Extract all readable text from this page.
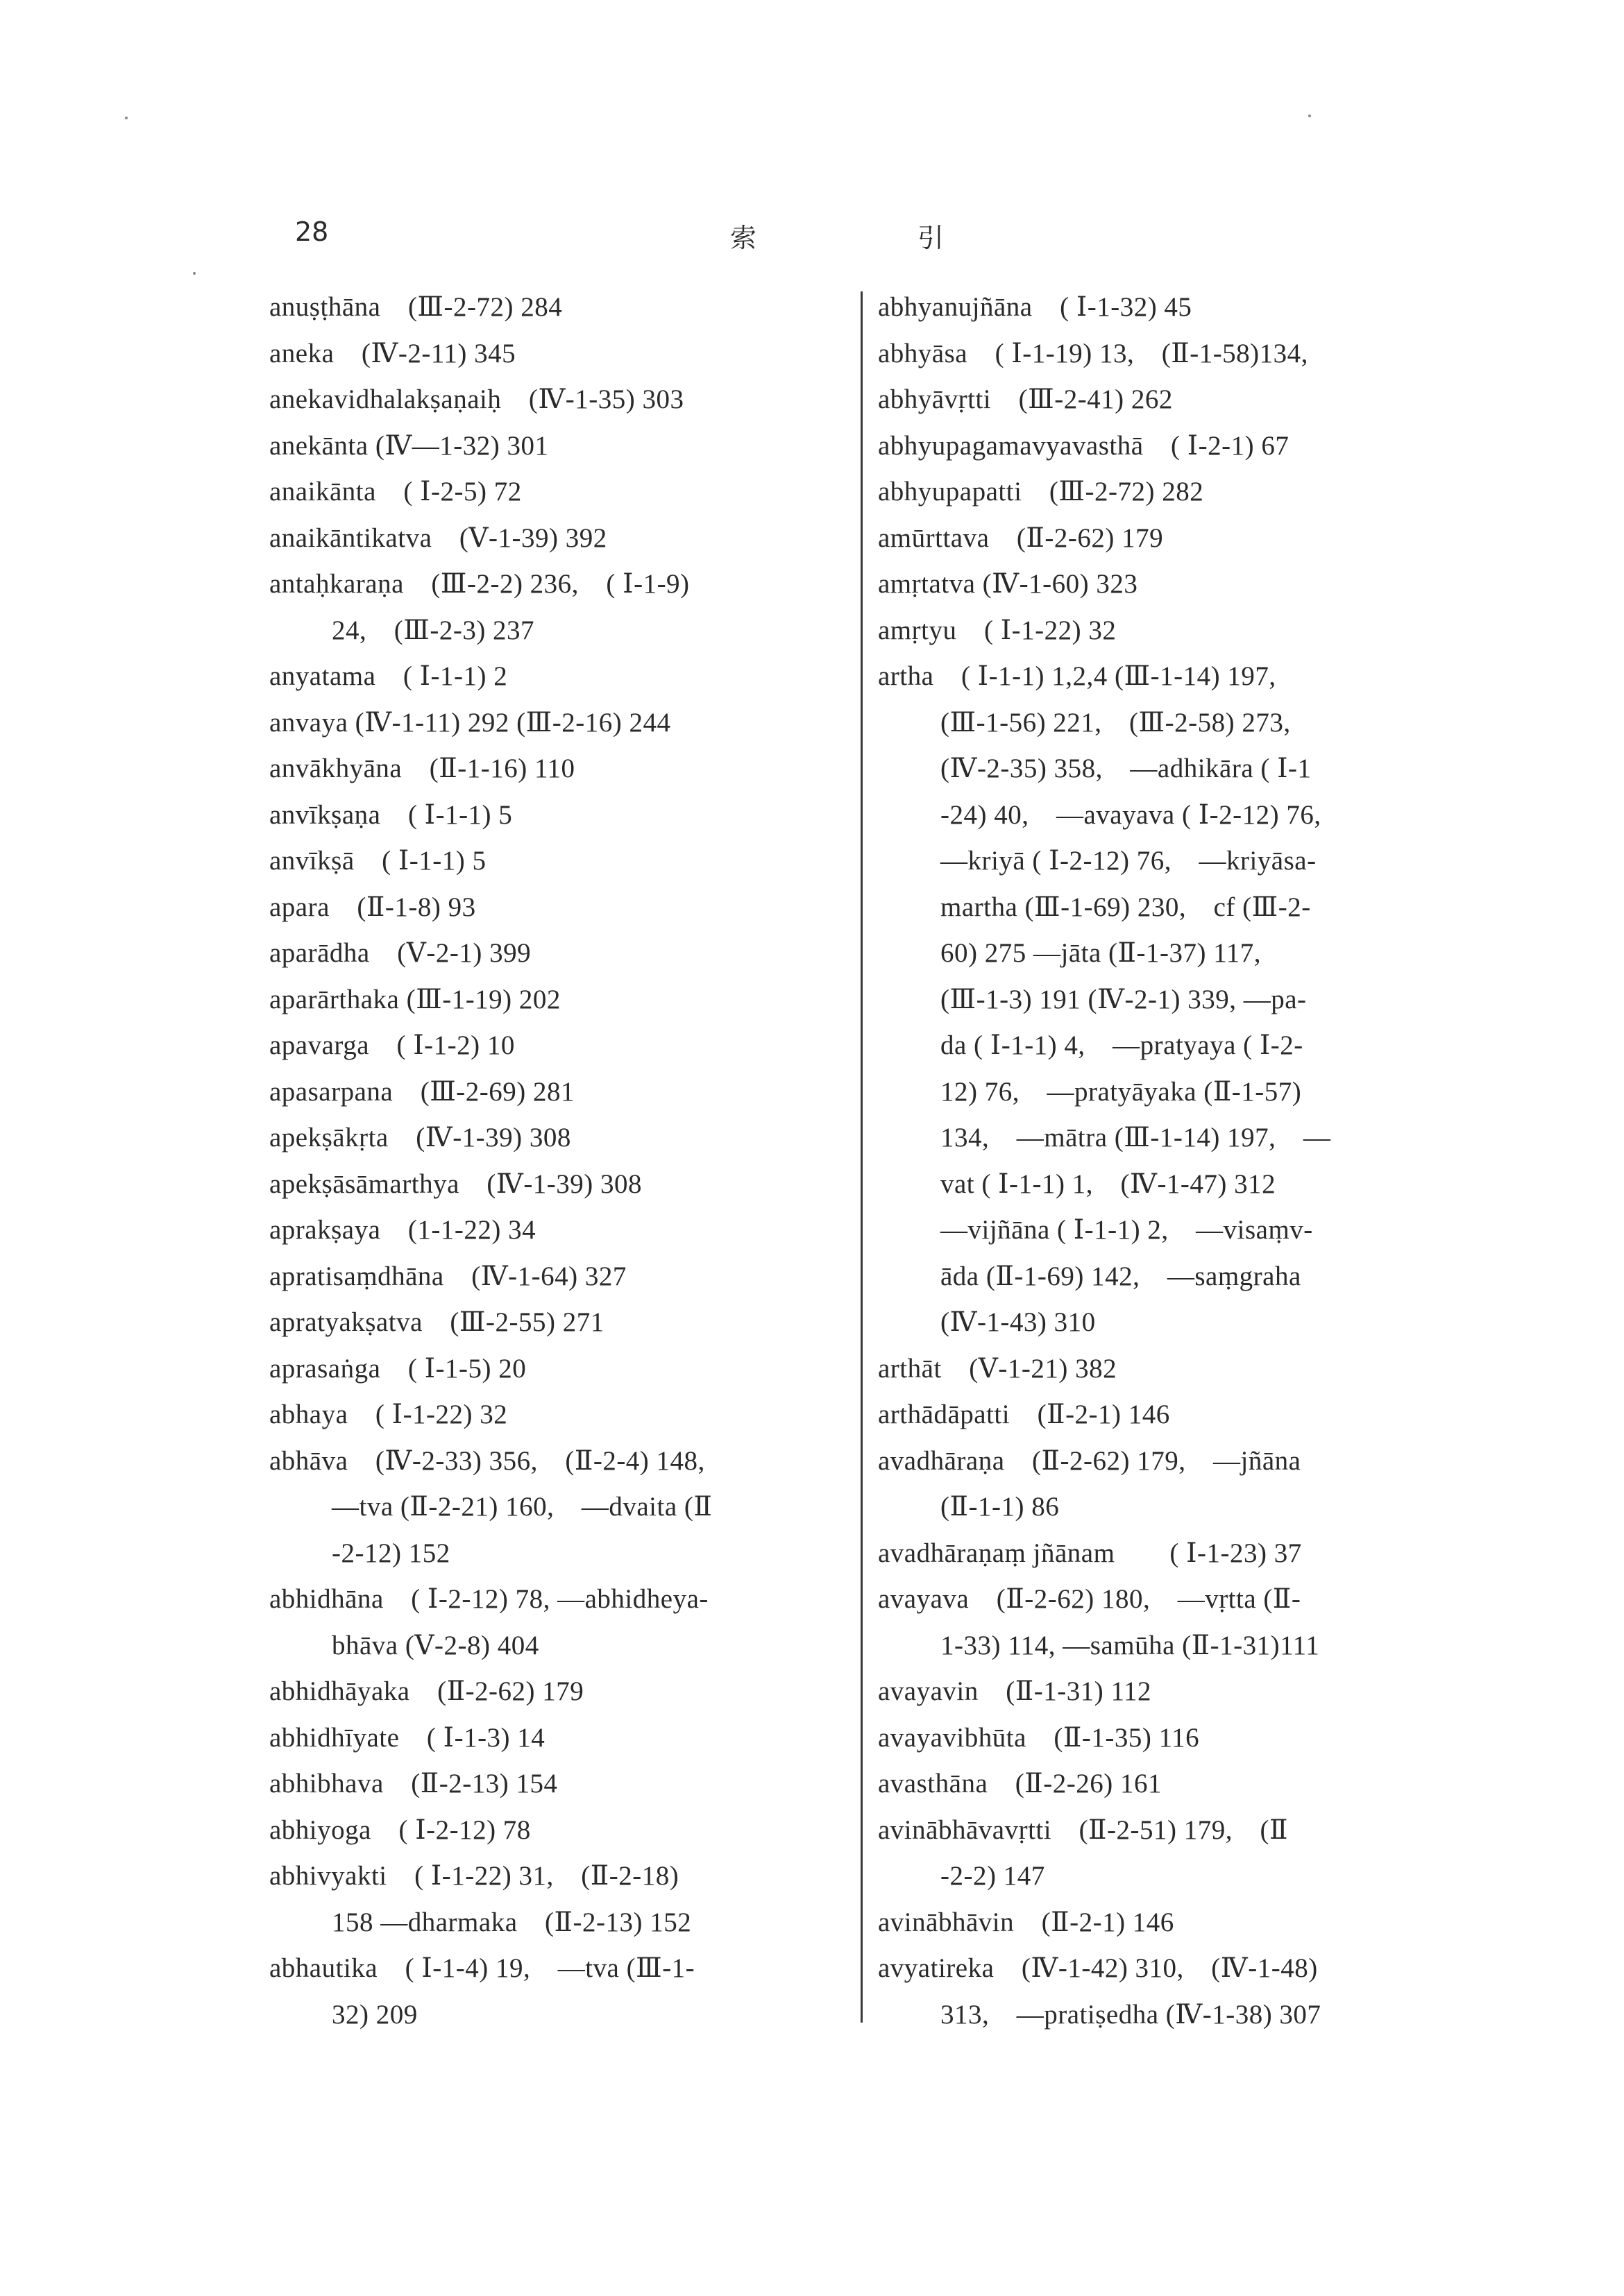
28	索	引

anuṣṭhāna　(Ⅲ-2-72) 284

aneka　(Ⅳ-2-11) 345

anekavidhalakṣaṇaiḥ　(Ⅳ-1-35) 303

anekānta (Ⅳ—1-32) 301

anaikānta　( Ⅰ-2-5) 72

anaikāntikatva　(Ⅴ-1-39) 392

antaḥkaraṇa　(Ⅲ-2-2) 236,　( Ⅰ-1-9)

24,　(Ⅲ-2-3) 237

anyatama　( Ⅰ-1-1) 2

anvaya (Ⅳ-1-11) 292 (Ⅲ-2-16) 244

anvākhyāna　(Ⅱ-1-16) 110

anvīkṣaṇa　( Ⅰ-1-1) 5

anvīkṣā　( Ⅰ-1-1) 5

apara　(Ⅱ-1-8) 93

aparādha　(Ⅴ-2-1) 399

aparārthaka (Ⅲ-1-19) 202

apavarga　( Ⅰ-1-2) 10

apasarpana　(Ⅲ-2-69) 281

apekṣākṛta　(Ⅳ-1-39) 308

apekṣāsāmarthya　(Ⅳ-1-39) 308

aprakṣaya　(1-1-22) 34

apratisaṃdhāna　(Ⅳ-1-64) 327

apratyakṣatva　(Ⅲ-2-55) 271

aprasaṅga　( Ⅰ-1-5) 20

abhaya　( Ⅰ-1-22) 32

abhāva　(Ⅳ-2-33) 356,　(Ⅱ-2-4) 148,

—tva (Ⅱ-2-21) 160,　—dvaita (Ⅱ

-2-12) 152

abhidhāna　( Ⅰ-2-12) 78, —abhidheya-

bhāva (Ⅴ-2-8) 404

abhidhāyaka　(Ⅱ-2-62) 179

abhidhīyate　( Ⅰ-1-3) 14

abhibhava　(Ⅱ-2-13) 154

abhiyoga　( Ⅰ-2-12) 78

abhivyakti　( Ⅰ-1-22) 31,　(Ⅱ-2-18)

158 —dharmaka　(Ⅱ-2-13) 152

abhautika　( Ⅰ-1-4) 19,　—tva (Ⅲ-1-

32) 209

abhyanujñāna　( Ⅰ-1-32) 45

abhyāsa　( Ⅰ-1-19) 13,　(Ⅱ-1-58)134,

abhyāvṛtti　(Ⅲ-2-41) 262

abhyupagamavyavasthā　( Ⅰ-2-1) 67

abhyupapatti　(Ⅲ-2-72) 282

amūrttava　(Ⅱ-2-62) 179

amṛtatva (Ⅳ-1-60) 323

amṛtyu　( Ⅰ-1-22) 32

artha　( Ⅰ-1-1) 1,2,4 (Ⅲ-1-14) 197,

(Ⅲ-1-56) 221,　(Ⅲ-2-58) 273,

(Ⅳ-2-35) 358,　—adhikāra ( Ⅰ-1

-24) 40,　—avayava ( Ⅰ-2-12) 76,

—kriyā ( Ⅰ-2-12) 76,　—kriyāsa-

martha (Ⅲ-1-69) 230,　cf (Ⅲ-2-

60) 275 —jāta (Ⅱ-1-37) 117,

(Ⅲ-1-3) 191 (Ⅳ-2-1) 339, —pa-

da ( Ⅰ-1-1) 4,　—pratyaya ( Ⅰ-2-

12) 76,　—pratyāyaka (Ⅱ-1-57)

134,　—mātra (Ⅲ-1-14) 197,　—

vat ( Ⅰ-1-1) 1,　(Ⅳ-1-47) 312

—vijñāna ( Ⅰ-1-1) 2,　—visaṃv-

āda (Ⅱ-1-69) 142,　—saṃgraha

(Ⅳ-1-43) 310

arthāt　(Ⅴ-1-21) 382

arthādāpatti　(Ⅱ-2-1) 146

avadhāraṇa　(Ⅱ-2-62) 179,　—jñāna

(Ⅱ-1-1) 86

avadhāraṇaṃ jñānam　　( Ⅰ-1-23) 37

avayava　(Ⅱ-2-62) 180,　—vṛtta (Ⅱ-

1-33) 114, —samūha (Ⅱ-1-31)111

avayavin　(Ⅱ-1-31) 112

avayavibhūta　(Ⅱ-1-35) 116

avasthāna　(Ⅱ-2-26) 161

avinābhāvavṛtti　(Ⅱ-2-51) 179,　(Ⅱ

-2-2) 147

avinābhāvin　(Ⅱ-2-1) 146

avyatireka　(Ⅳ-1-42) 310,　(Ⅳ-1-48)

313,　—pratiṣedha (Ⅳ-1-38) 307
